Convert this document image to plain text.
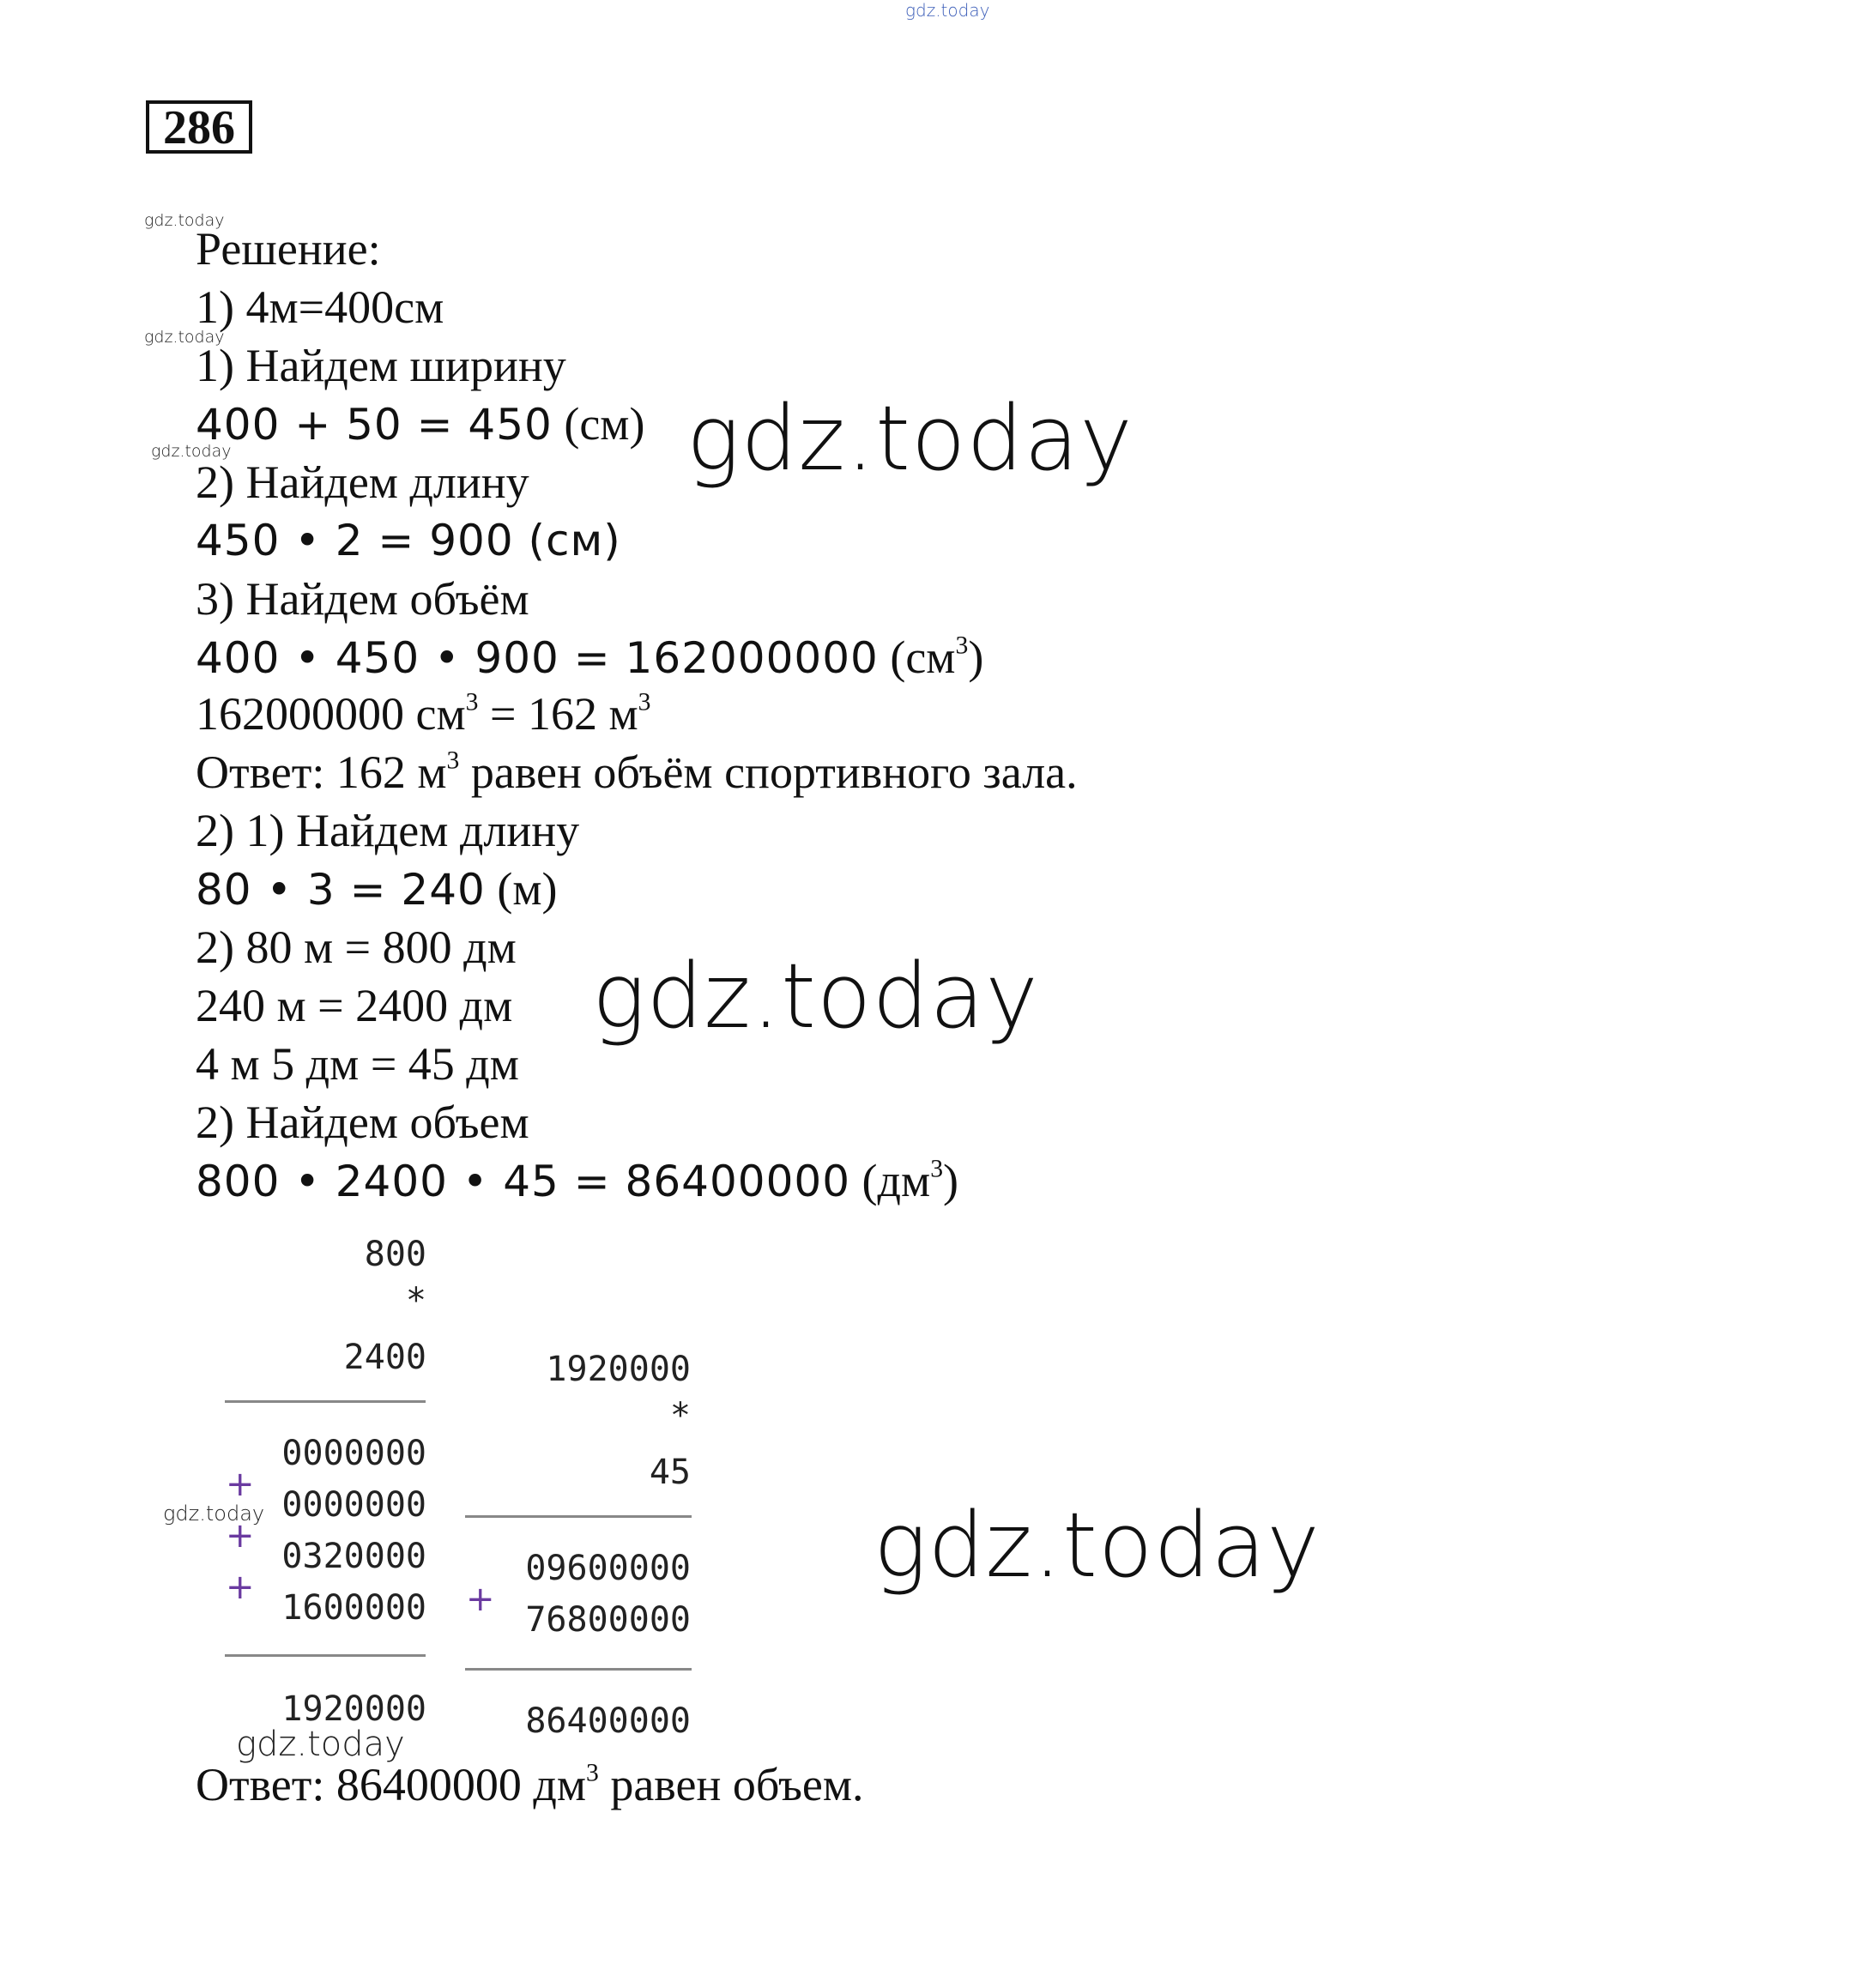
gdz.today
gdz.today
gdz.today
gdz.today
gdz.today
gdz.today
gdz.today
gdz.today
gdz.today
286
Решение:
1) 4м=400см
1) Найдем ширину
400 + 50 = 450 (см)
2) Найдем длину
450 • 2 = 900 (см)
3) Найдем объём
400 • 450 • 900 = 162000000 $(см^3)$
162000000 $см^3 = 162$ $м^3$
Ответ: 162 $м^3$ равен объём спортивного зала.
2) 1) Найдем длину
80 • 3 = 240 (м)
2) 80 м = 800 дм
240 м = 2400 дм
4 м 5 дм = 45 дм
2) Найдем объем
800 • 2400 • 45 = 86400000 $(дм^3)$
800
*
2400
0000000
+
0000000
+
0320000
+
1600000
1920000
1920000
*
45
09600000
+
76800000
86400000
Ответ: 86400000 $дм^3$ равен объем.
